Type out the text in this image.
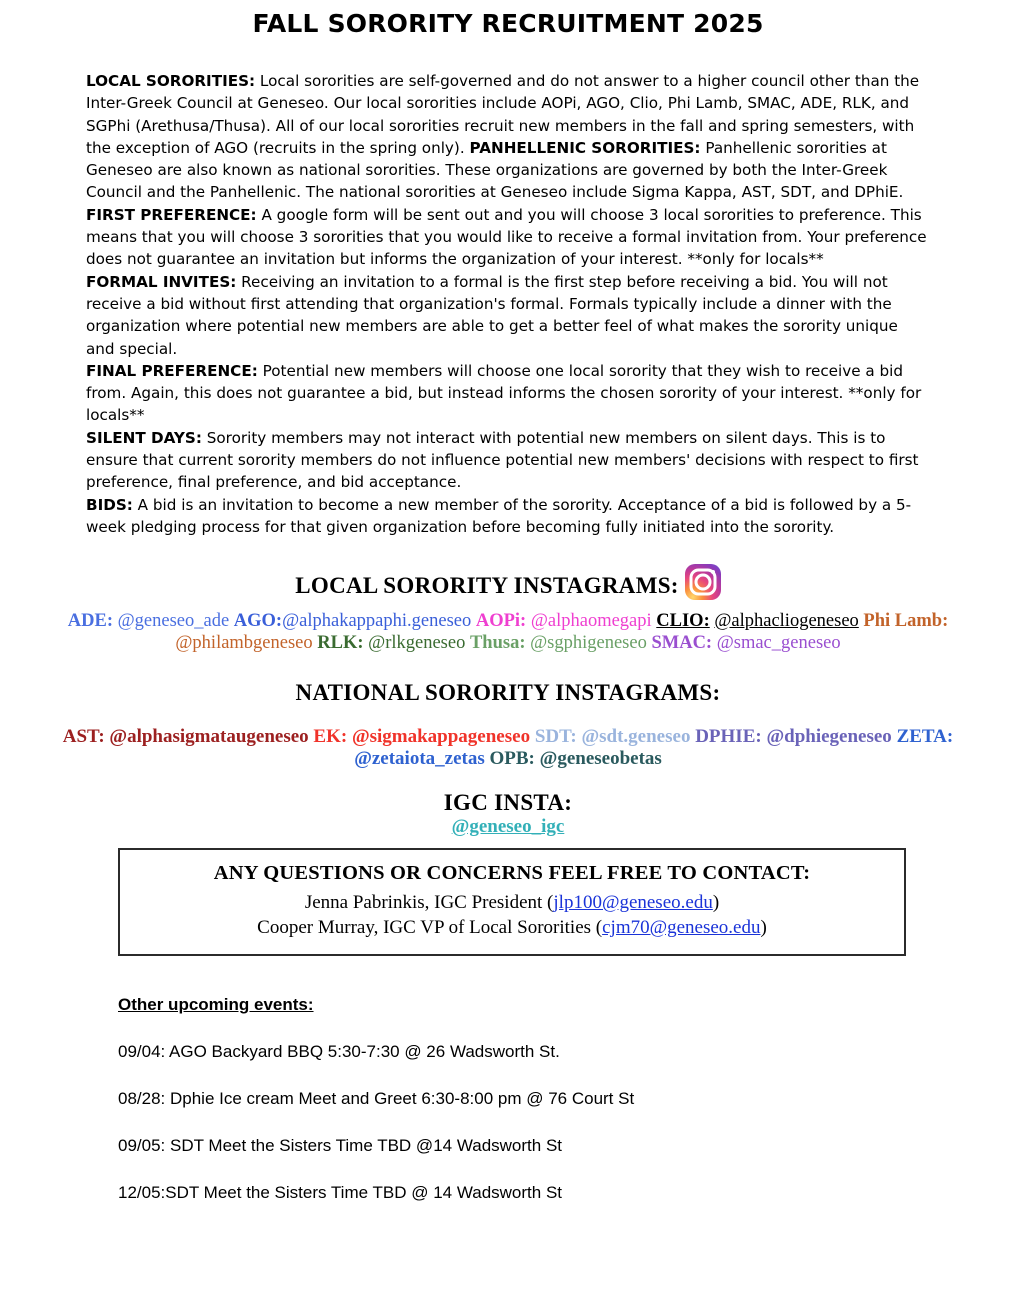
FALL SORORITY RECRUITMENT 2025

LOCAL SORORITIES: Local sororities are self-governed and do not answer to a higher council other than the Inter-Greek Council at Geneseo. Our local sororities include AOPi, AGO, Clio, Phi Lamb, SMAC, ADE, RLK, and SGPhi (Arethusa/Thusa). All of our local sororities recruit new members in the fall and spring semesters, with the exception of AGO (recruits in the spring only). PANHELLENIC SORORITIES: Panhellenic sororities at Geneseo are also known as national sororities. These organizations are governed by both the Inter-Greek Council and the Panhellenic. The national sororities at Geneseo include Sigma Kappa, AST, SDT, and DPhiE.

FIRST PREFERENCE: A google form will be sent out and you will choose 3 local sororities to preference. This means that you will choose 3 sororities that you would like to receive a formal invitation from. Your preference does not guarantee an invitation but informs the organization of your interest. **only for locals**

FORMAL INVITES: Receiving an invitation to a formal is the first step before receiving a bid. You will not receive a bid without first attending that organization's formal. Formals typically include a dinner with the organization where potential new members are able to get a better feel of what makes the sorority unique and special.

FINAL PREFERENCE: Potential new members will choose one local sorority that they wish to receive a bid from. Again, this does not guarantee a bid, but instead informs the chosen sorority of your interest. **only for locals**

SILENT DAYS: Sorority members may not interact with potential new members on silent days. This is to ensure that current sorority members do not influence potential new members' decisions with respect to first preference, final preference, and bid acceptance.

BIDS: A bid is an invitation to become a new member of the sorority. Acceptance of a bid is followed by a 5-week pledging process for that given organization before becoming fully initiated into the sorority.

LOCAL SORORITY INSTAGRAMS:
ADE: @geneseo_ade AGO:@alphakappaphi.geneseo AOPi: @alphaomegapi CLIO: @alphacliogeneseo Phi Lamb: @philambgeneseo RLK: @rlkgeneseo Thusa: @sgphigeneseo SMAC: @smac_geneseo
NATIONAL SORORITY INSTAGRAMS:
AST: @alphasigmataugeneseo EK: @sigmakappageneseo SDT: @sdt.geneseo DPHIE: @dphiegeneseo ZETA: @zetaiota_zetas OPB: @geneseobetas
IGC INSTA:
@geneseo_igc
ANY QUESTIONS OR CONCERNS FEEL FREE TO CONTACT:
Jenna Pabrinkis, IGC President (jlp100@geneseo.edu)
Cooper Murray, IGC VP of Local Sororities (cjm70@geneseo.edu)
Other upcoming events:
09/04: AGO Backyard BBQ 5:30-7:30 @ 26 Wadsworth St.
08/28: Dphie Ice cream Meet and Greet 6:30-8:00 pm @ 76 Court St
09/05: SDT Meet the Sisters Time TBD @14 Wadsworth St
12/05:SDT Meet the Sisters Time TBD @ 14 Wadsworth St
